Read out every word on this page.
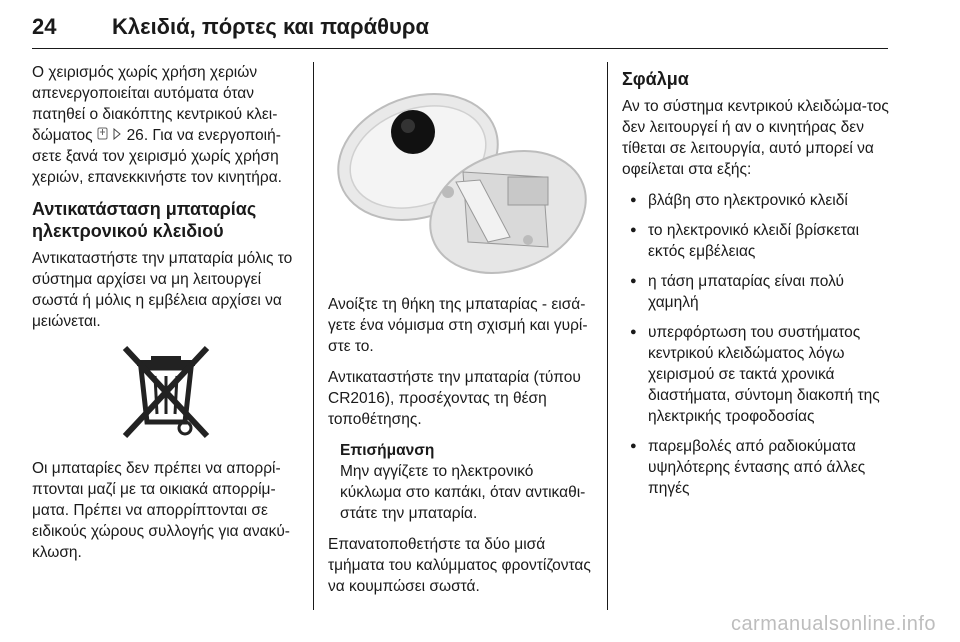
24	Κλειδιά, πόρτες και παράθυρα

Ο χειρισμός χωρίς χρήση χεριών απενεργοποιείται αυτόματα όταν πατηθεί ο διακόπτης κεντρικού κλει-δώματος 26. Για να ενεργοποιή-σετε ξανά τον χειρισμό χωρίς χρήση χεριών, επανεκκινήστε τον κινητήρα.

Αντικατάσταση μπαταρίας ηλεκτρονικού κλειδιού

Αντικαταστήστε την μπαταρία μόλις το σύστημα αρχίσει να μη λειτουργεί σωστά ή μόλις η εμβέλεια αρχίσει να μειώνεται.

Οι μπαταρίες δεν πρέπει να απορρί-πτονται μαζί με τα οικιακά απορρίμ-ματα. Πρέπει να απορρίπτονται σε ειδικούς χώρους συλλογής για ανακύ-κλωση.

Ανοίξτε τη θήκη της μπαταρίας - εισά-γετε ένα νόμισμα στη σχισμή και γυρί-στε το.

Αντικαταστήστε την μπαταρία (τύπου CR2016), προσέχοντας τη θέση τοποθέτησης.

Επισήμανση
Μην αγγίζετε το ηλεκτρονικό κύκλωμα στο καπάκι, όταν αντικαθι-στάτε την μπαταρία.

Επανατοποθετήστε τα δύο μισά τμήματα του καλύμματος φροντίζοντας να κουμπώσει σωστά.

Σφάλμα

Αν το σύστημα κεντρικού κλειδώμα-τος δεν λειτουργεί ή αν ο κινητήρας δεν τίθεται σε λειτουργία, αυτό μπορεί να οφείλεται στα εξής:

● βλάβη στο ηλεκτρονικό κλειδί
● το ηλεκτρονικό κλειδί βρίσκεται εκτός εμβέλειας
● η τάση μπαταρίας είναι πολύ χαμηλή
● υπερφόρτωση του συστήματος κεντρικού κλειδώματος λόγω χειρισμού σε τακτά χρονικά διαστήματα, σύντομη διακοπή της ηλεκτρικής τροφοδοσίας
● παρεμβολές από ραδιοκύματα υψηλότερης έντασης από άλλες πηγές
carmanualsonline.info
